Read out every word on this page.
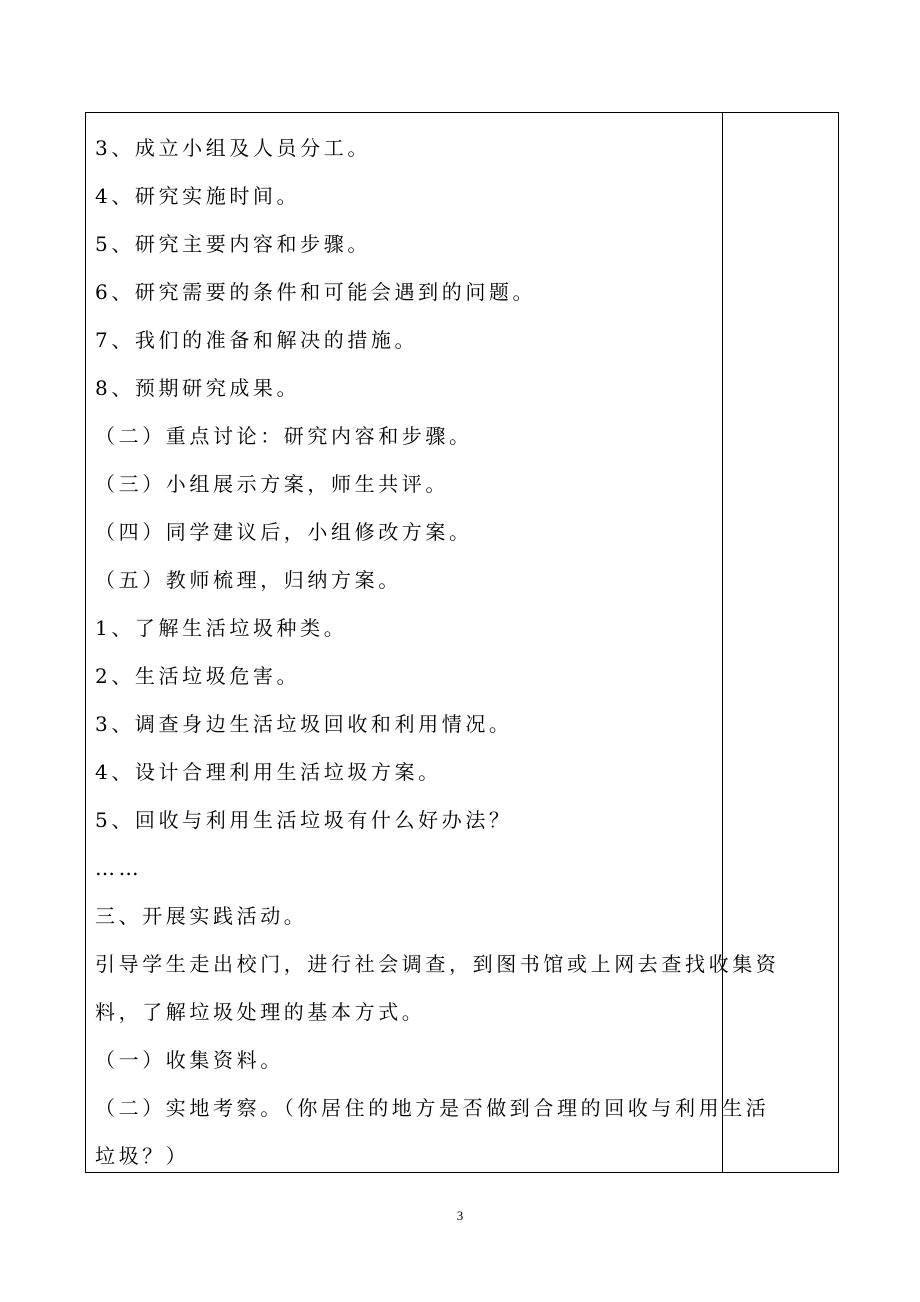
3、成立小组及人员分工。
4、研究实施时间。
5、研究主要内容和步骤。
6、研究需要的条件和可能会遇到的问题。
7、我们的准备和解决的措施。
8、预期研究成果。
（二）重点讨论：研究内容和步骤。
（三）小组展示方案，师生共评。
（四）同学建议后，小组修改方案。
（五）教师梳理，归纳方案。
1、了解生活垃圾种类。
2、生活垃圾危害。
3、调查身边生活垃圾回收和利用情况。
4、设计合理利用生活垃圾方案。
5、回收与利用生活垃圾有什么好办法？
……
三、开展实践活动。
引导学生走出校门，进行社会调查，到图书馆或上网去查找收集资
料，了解垃圾处理的基本方式。
（一）收集资料。
（二）实地考察。（你居住的地方是否做到合理的回收与利用生活
垃圾？）
3
